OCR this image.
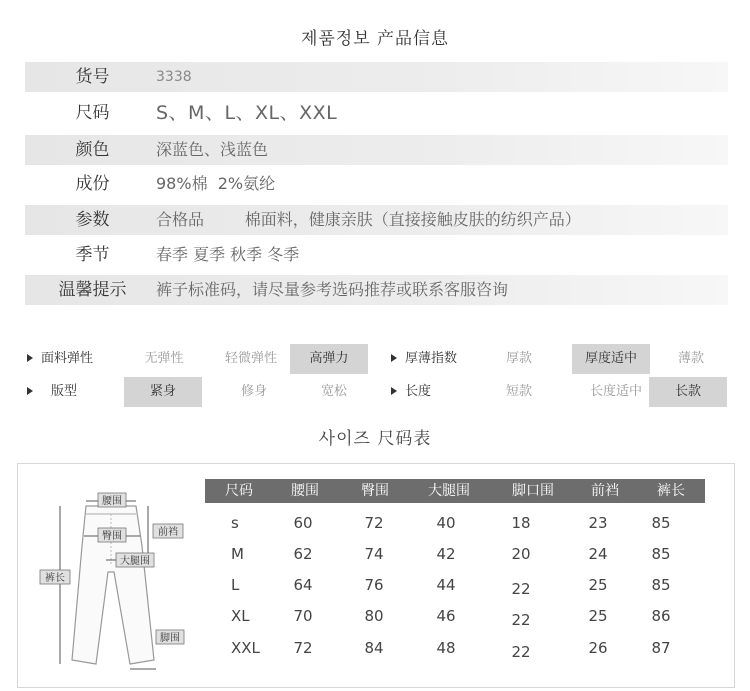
제품정보 产品信息
货号	3338
尺码	S、M、L、XL、XXL
颜色	深蓝色、浅蓝色
成份	98%棉  2%氨纶
参数	合格品        棉面料，健康亲肤（直接接触皮肤的纺织产品）
季节	春季 夏季 秋季 冬季
温馨提示	裤子标准码，请尽量参考选码推荐或联系客服咨询
面料弹性	无弹性	轻微弹性	高弹力	厚薄指数	厚款	厚度适中	薄款
版型	紧身	修身	宽松	长度	短款	长度适中	长款
사이즈 尺码表
腰围
臀围	前裆
大腿围
裤长
脚围
尺码	腰围	臀围	大腿围	脚口围	前裆	裤长
s	60	72	40	18	23	85
M	62	74	42	20	24	85
L	64	76	44	22	25	85
XL	70	80	46	22	25	86
XXL	72	84	48	22	26	87
